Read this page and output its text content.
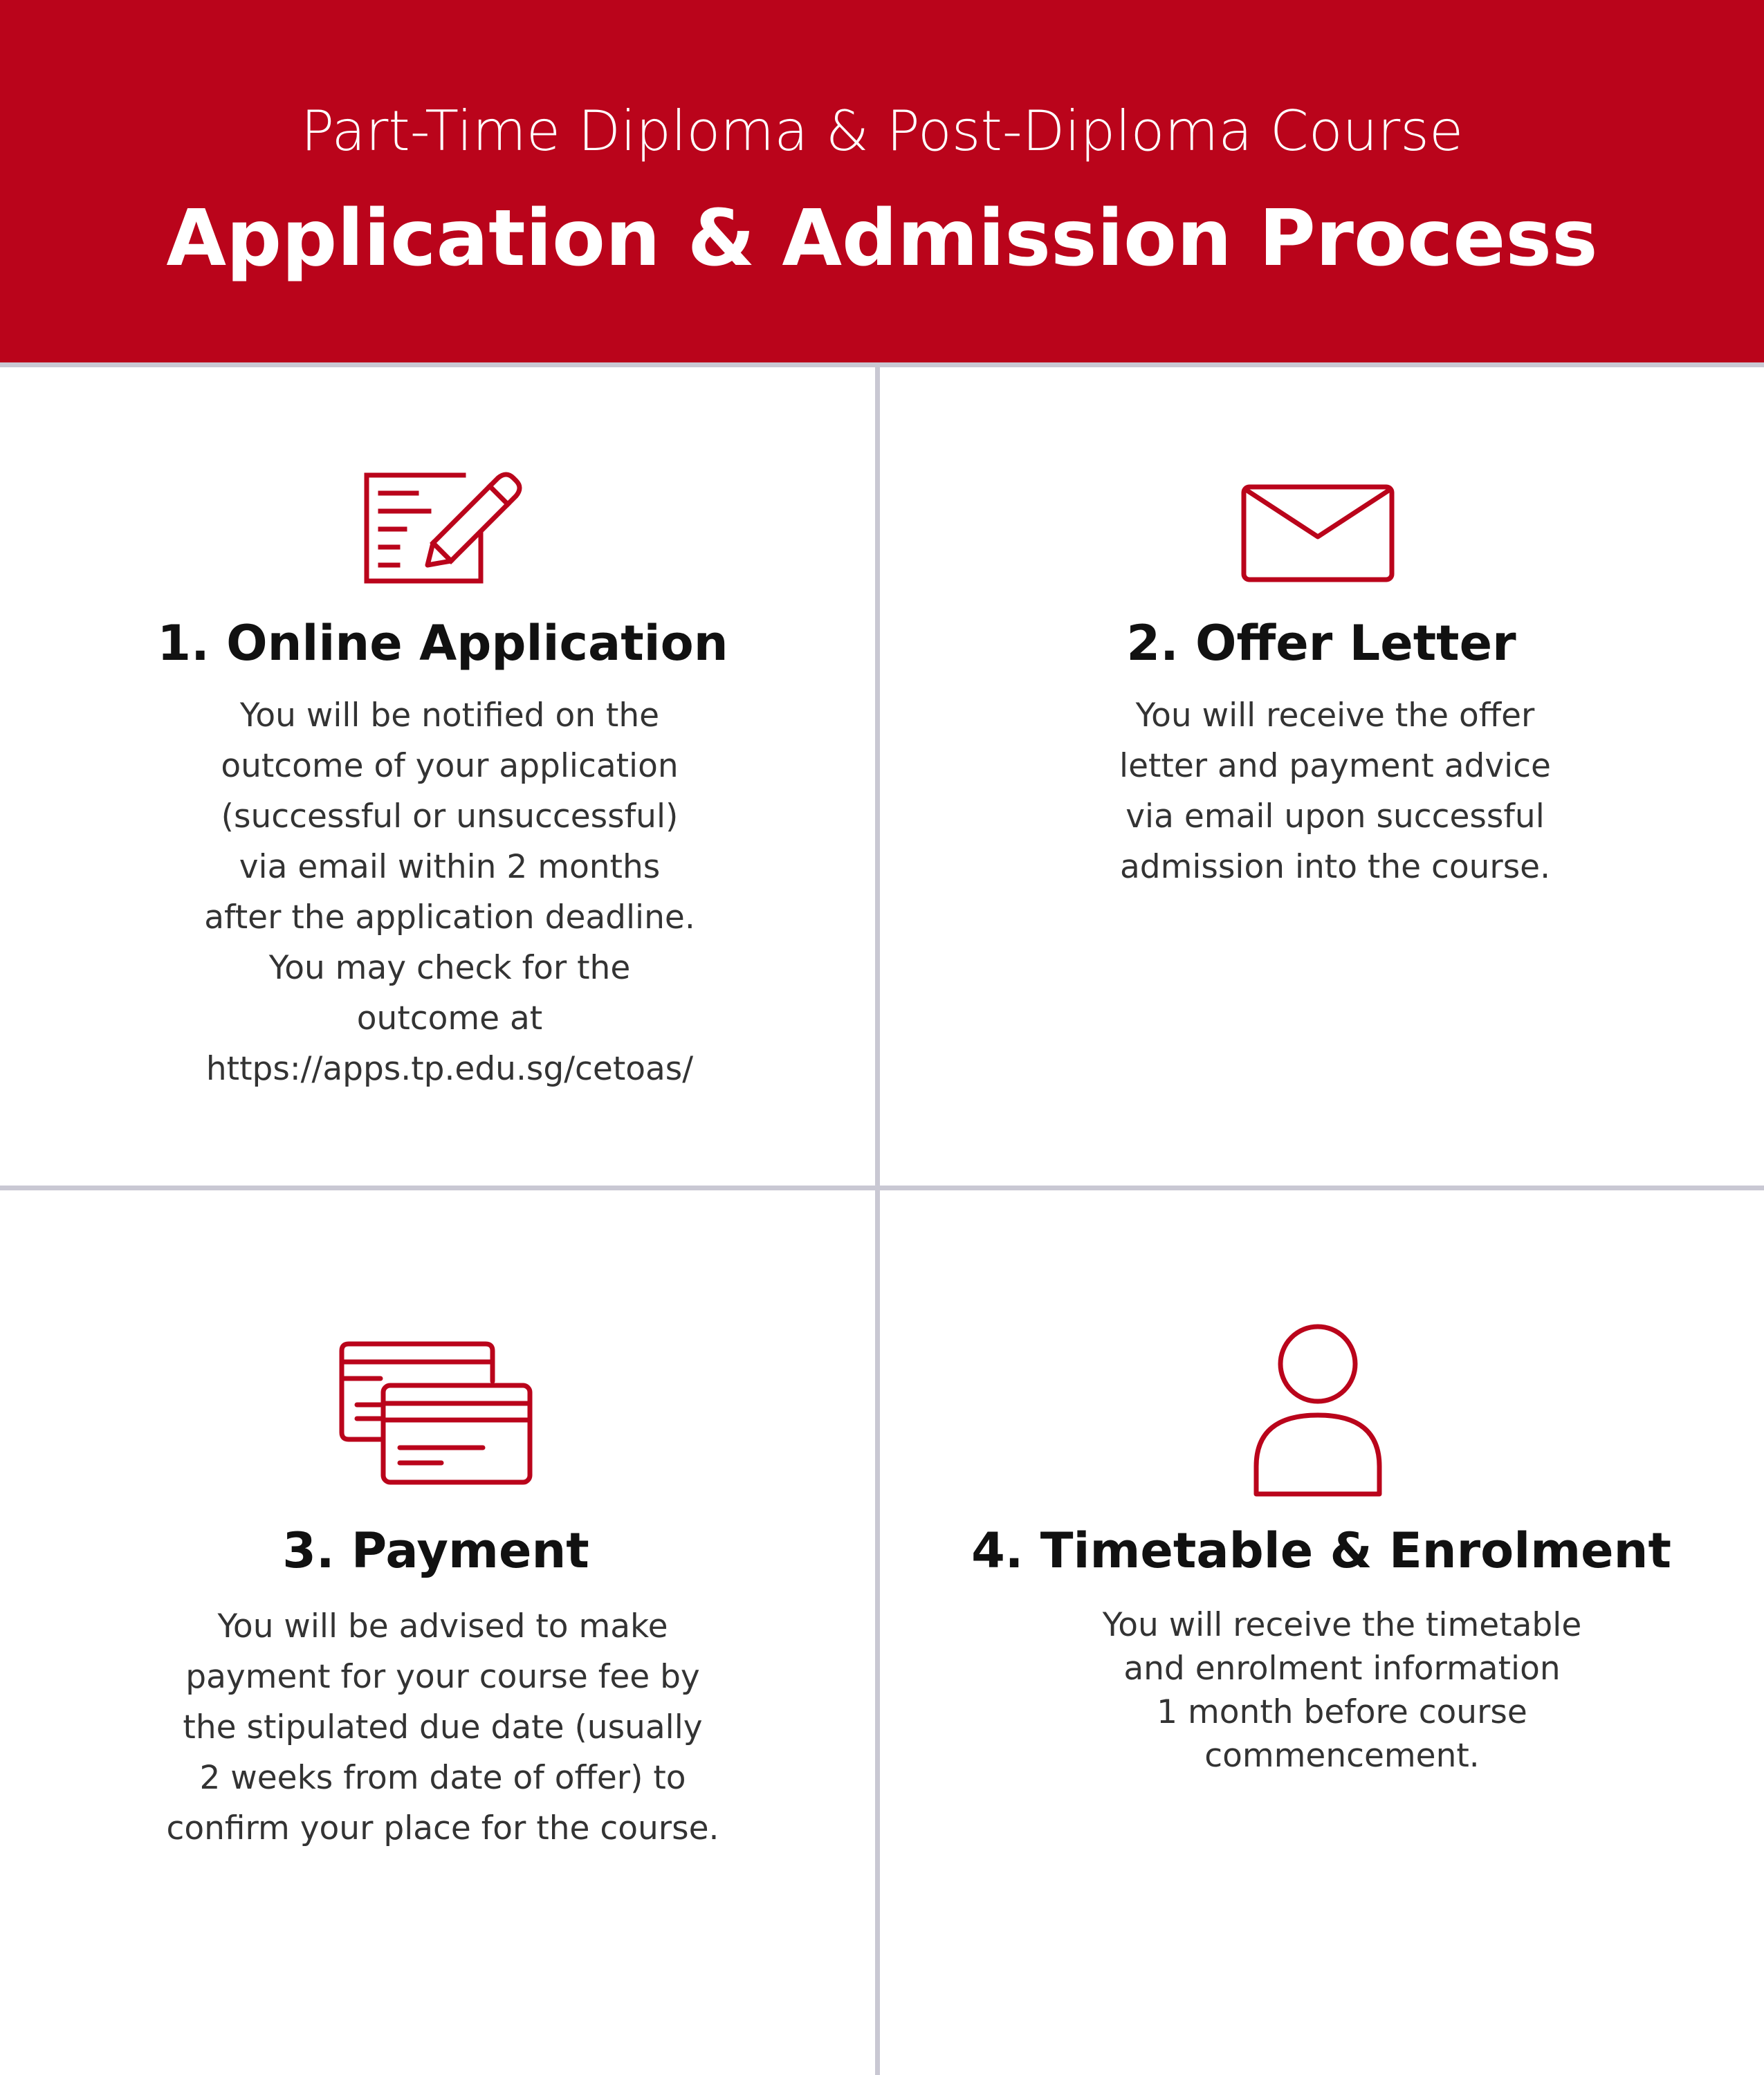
Part-Time Diploma & Post-Diploma Course
Application & Admission Process
1. Online Application
You will be notified on the
outcome of your application
(successful or unsuccessful)
via email within 2 months
after the application deadline.
You may check for the
outcome at
https://apps.tp.edu.sg/cetoas/
2. Offer Letter
You will receive the offer
letter and payment advice
via email upon successful
admission into the course.
3. Payment
You will be advised to make
payment for your course fee by
the stipulated due date (usually
2 weeks from date of offer) to
confirm your place for the course.
4. Timetable & Enrolment
You will receive the timetable
and enrolment information
1 month before course
commencement.
